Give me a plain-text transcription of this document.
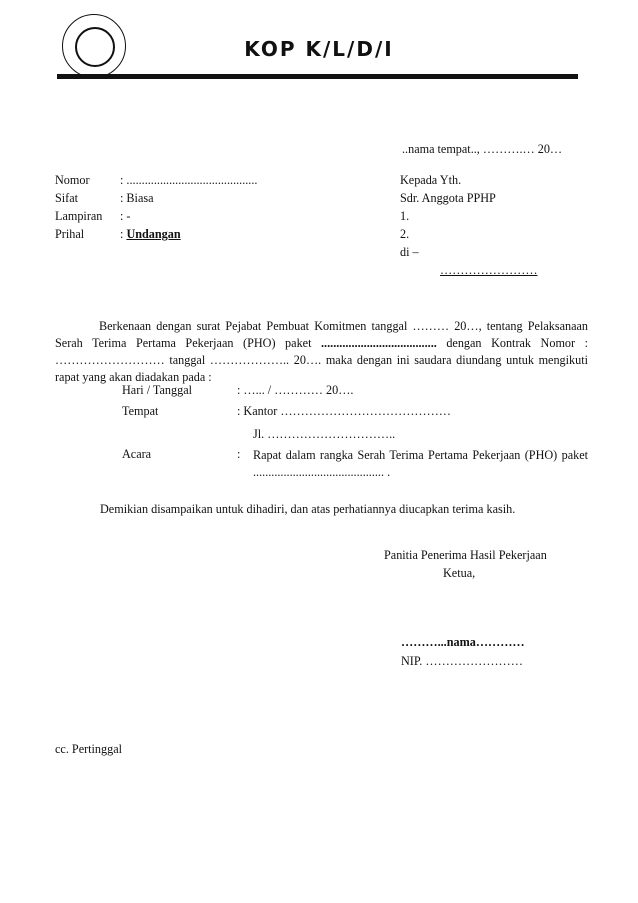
KOP K/L/D/I
..nama tempat.., ……….… 20…
Nomor : ...........................................
Sifat	: Biasa
Lampiran : -
Prihal	: Undangan
Kepada Yth.
Sdr. Anggota PPHP
1.
2.
di –
……………………
Berkenaan dengan surat Pejabat Pembuat Komitmen tanggal ……… 20…, tentang Pelaksanaan Serah Terima Pertama Pekerjaan (PHO) paket ...................................... dengan Kontrak Nomor : ……………………… tanggal ……………….. 20…. maka dengan ini saudara diundang untuk mengikuti rapat yang akan diadakan pada :
Hari / Tanggal	: …... / ………… 20….
Tempat	: Kantor ……………………………………
Jl. …………………………..
Acara	: Rapat dalam rangka Serah Terima Pertama Pekerjaan (PHO) paket ........................................... .
Demikian disampaikan untuk dihadiri, dan atas perhatiannya diucapkan terima kasih.
Panitia Penerima Hasil Pekerjaan
Ketua,
………...nama…………
NIP. ……………………
cc. Pertinggal
